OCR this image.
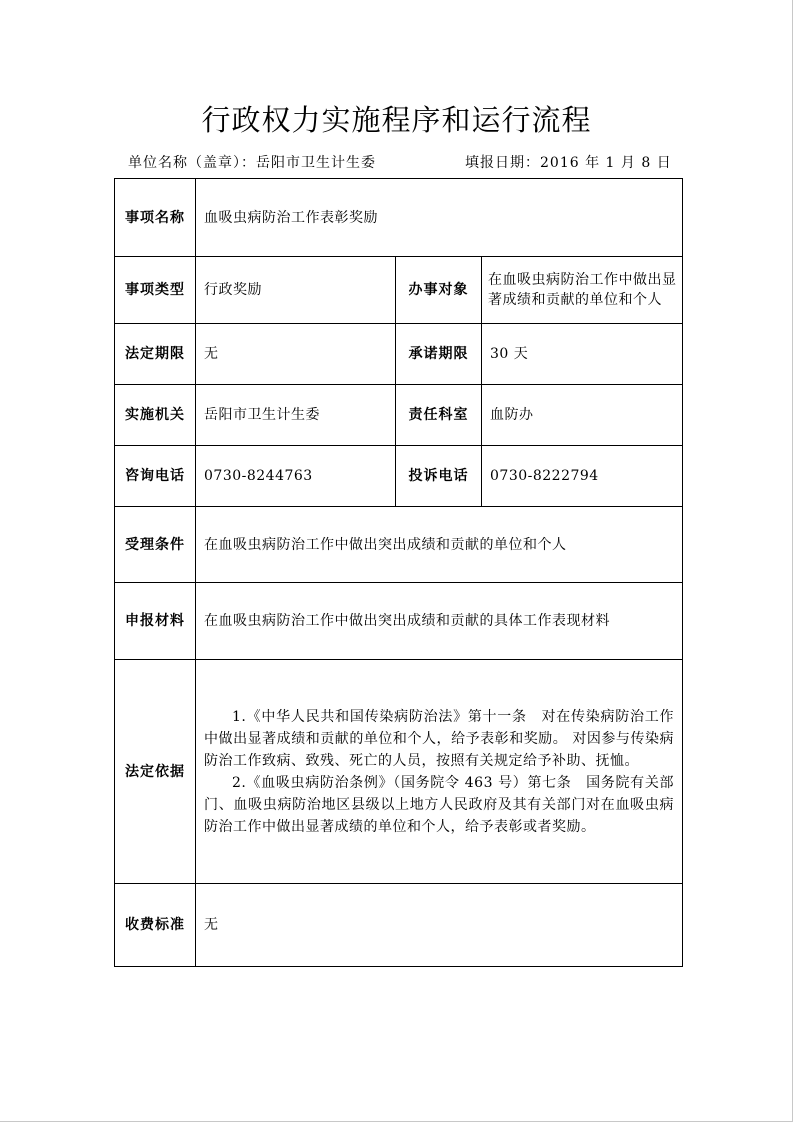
行政权力实施程序和运行流程
单位名称（盖章）：岳阳市卫生计生委	填报日期：2016 年 1 月 8 日
事项名称	血吸虫病防治工作表彰奖励		
事项类型	行政奖励	办事对象	在血吸虫病防治工作中做出显著成绩和贡献的单位和个人
法定期限	无	承诺期限	30 天
实施机关	岳阳市卫生计生委	责任科室	血防办
咨询电话	0730-8244763	投诉电话	0730-8222794
受理条件	在血吸虫病防治工作中做出突出成绩和贡献的单位和个人		
申报材料	在血吸虫病防治工作中做出突出成绩和贡献的具体工作表现材料		
法定依据	1.《中华人民共和国传染病防治法》第十一条　对在传染病防治工作中做出显著成绩和贡献的单位和个人，给予表彰和奖励。 对因参与传染病防治工作致病、致残、死亡的人员，按照有关规定给予补助、抚恤。

2.《血吸虫病防治条例》（国务院令 463 号）第七条　国务院有关部门、血吸虫病防治地区县级以上地方人民政府及其有关部门对在血吸虫病防治工作中做出显著成绩的单位和个人，给予表彰或者奖励。		

收费标准	无		
